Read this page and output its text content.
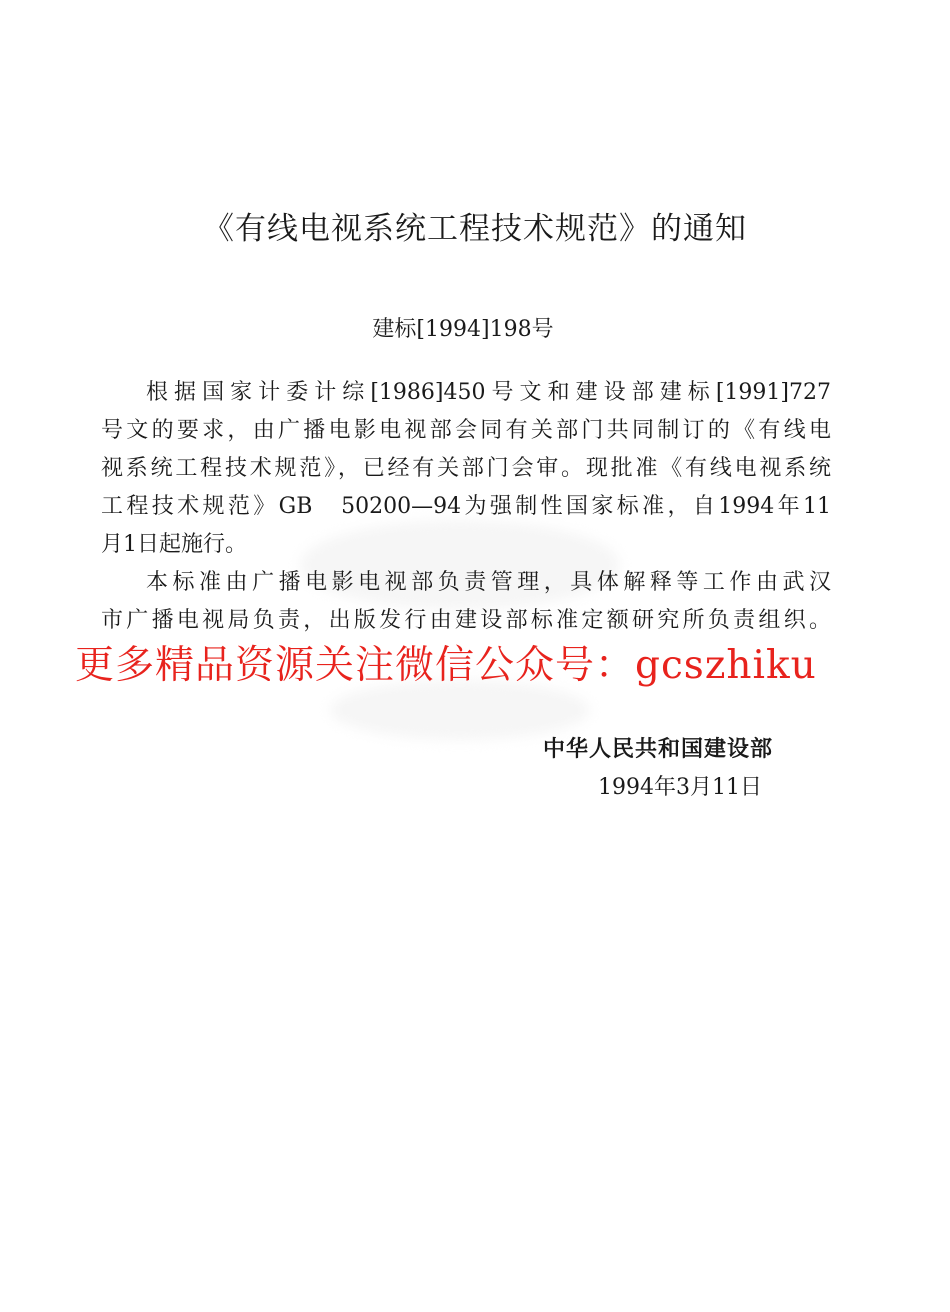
《有线电视系统工程技术规范》的通知
建标[1994]198号
根据国家计委计综[1986]450号文和建设部建标[1991]727
号文的要求，由广播电影电视部会同有关部门共同制订的《有线电
视系统工程技术规范》，已经有关部门会审。现批准《有线电视系统
工程技术规范》GB　50200—94为强制性国家标准，自1994年11
月1日起施行。
本标准由广播电影电视部负责管理，具体解释等工作由武汉
市广播电视局负责，出版发行由建设部标准定额研究所负责组织。
更多精品资源关注微信公众号：gcszhiku
中华人民共和国建设部
1994年3月11日
